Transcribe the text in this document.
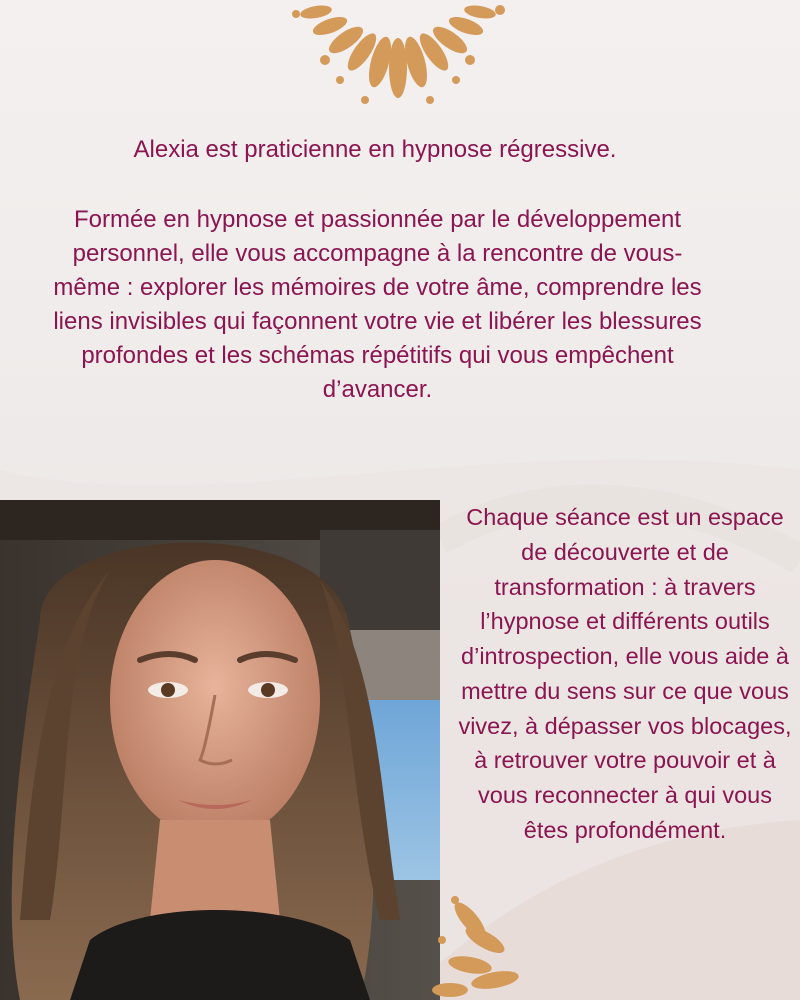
Alexia est praticienne en hypnose régressive.
Formée en hypnose et passionnée par le développement personnel, elle vous accompagne à la rencontre de vous-même : explorer les mémoires de votre âme, comprendre les liens invisibles qui façonnent votre vie et libérer les blessures profondes et les schémas répétitifs qui vous empêchent d’avancer.
Chaque séance est un espace de découverte et de transformation : à travers l’hypnose et différents outils d’introspection, elle vous aide à mettre du sens sur ce que vous vivez, à dépasser vos blocages, à retrouver votre pouvoir et à vous reconnecter à qui vous êtes profondément.
